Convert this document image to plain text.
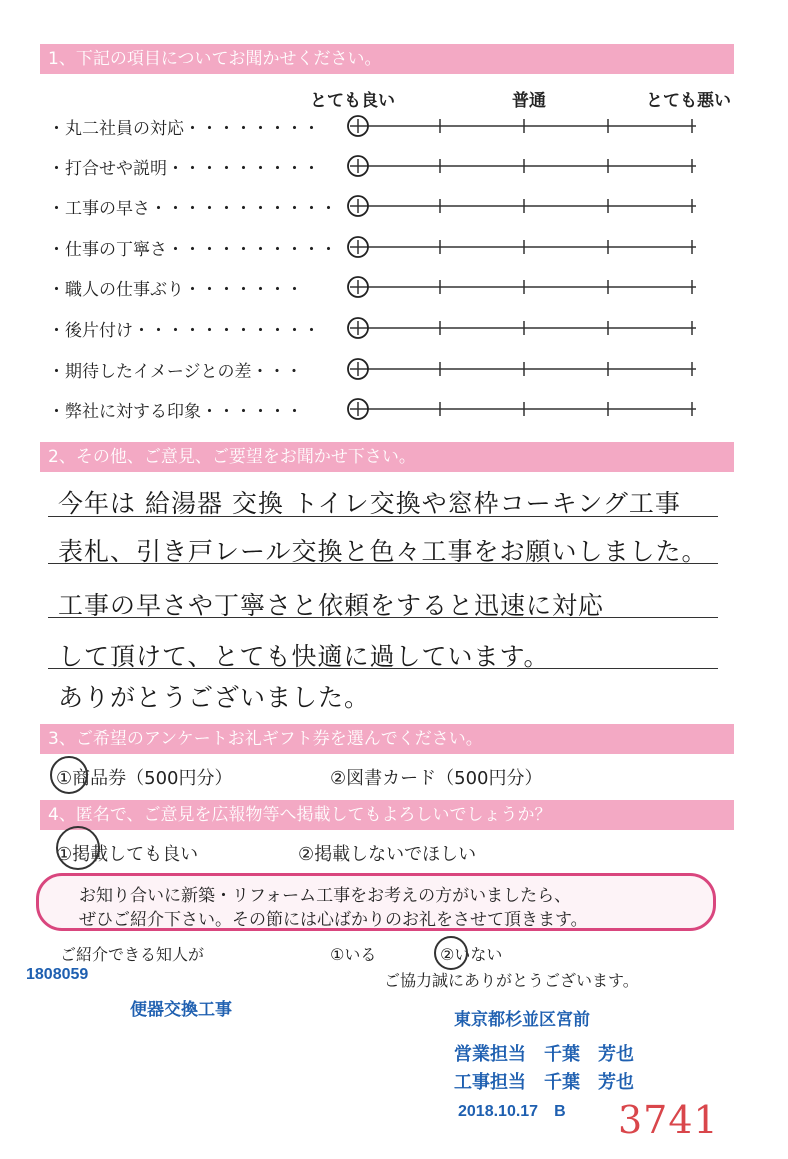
1、下記の項目についてお聞かせください。
とても良い	普通	とても悪い
・丸二社員の対応・・・・・・・・
・打合せや説明・・・・・・・・・
・工事の早さ・・・・・・・・・・・
・仕事の丁寧さ・・・・・・・・・・
・職人の仕事ぶり・・・・・・・
・後片付け・・・・・・・・・・・
・期待したイメージとの差・・・
・弊社に対する印象・・・・・・
2、その他、ご意見、ご要望をお聞かせ下さい。
今年は 給湯器 交換 トイレ交換や窓枠コーキング工事
表札、引き戸レール交換と色々工事をお願いしました。
工事の早さや丁寧さと依頼をすると迅速に対応
して頂けて、とても快適に過しています。
ありがとうございました。
3、ご希望のアンケートお礼ギフト券を選んでください。
①商品券（500円分）	②図書カード（500円分）
4、匿名で、ご意見を広報物等へ掲載してもよろしいでしょうか？
①掲載しても良い	②掲載しないでほしい
お知り合いに新築・リフォーム工事をお考えの方がいましたら、
ぜひご紹介下さい。その節には心ばかりのお礼をさせて頂きます。
ご紹介できる知人が	①いる	②いない
ご協力誠にありがとうございます。
1808059
便器交換工事
東京都杉並区宮前
営業担当　千葉　芳也
工事担当　千葉　芳也
2018.10.17　B 3741
